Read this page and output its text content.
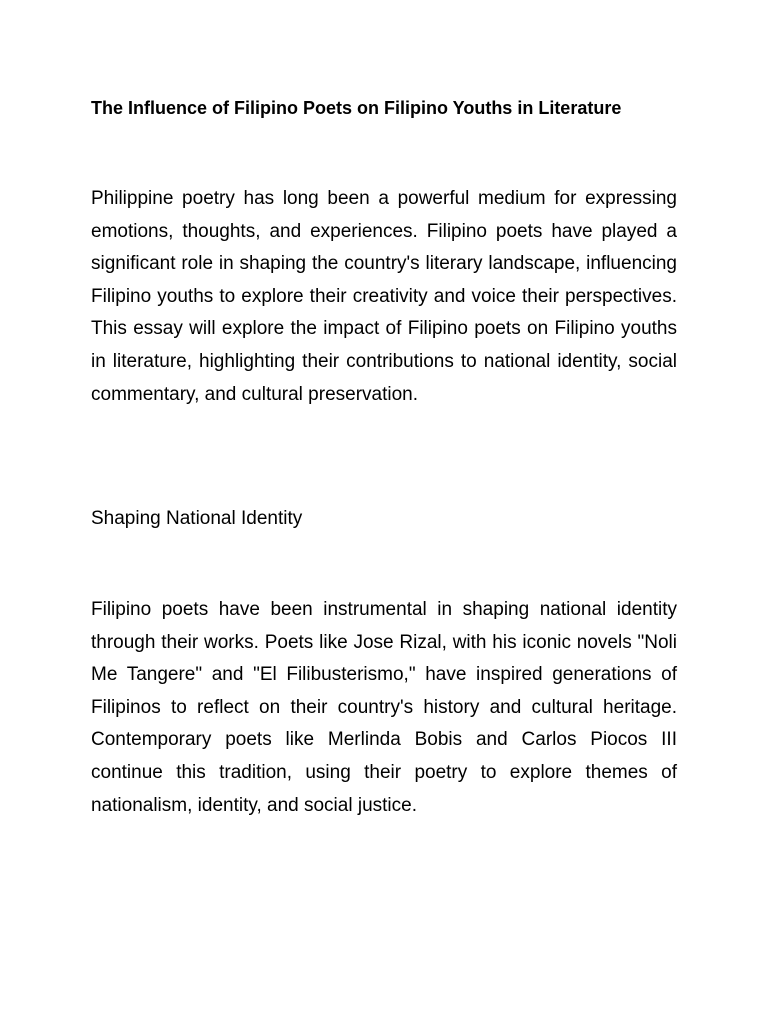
The Influence of Filipino Poets on Filipino Youths in Literature

Philippine poetry has long been a powerful medium for expressing emotions, thoughts, and experiences. Filipino poets have played a significant role in shaping the country's literary landscape, influencing Filipino youths to explore their creativity and voice their perspectives. This essay will explore the impact of Filipino poets on Filipino youths in literature, highlighting their contributions to national identity, social commentary, and cultural preservation.

Shaping National Identity

Filipino poets have been instrumental in shaping national identity through their works. Poets like Jose Rizal, with his iconic novels "Noli Me Tangere" and "El Filibusterismo," have inspired generations of Filipinos to reflect on their country's history and cultural heritage. Contemporary poets like Merlinda Bobis and Carlos Piocos III continue this tradition, using their poetry to explore themes of nationalism, identity, and social justice.
